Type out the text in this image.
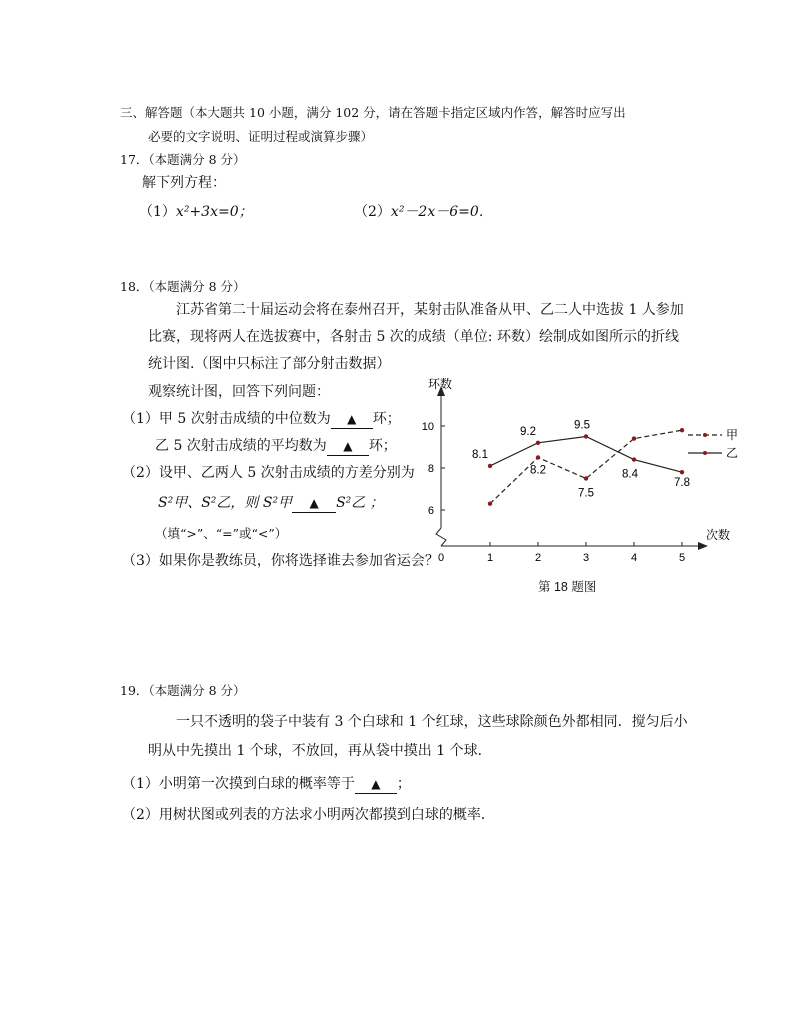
三、解答题（本大题共 10 小题，满分 102 分，请在答题卡指定区域内作答，解答时应写出
必要的文字说明、证明过程或演算步骤）
17．（本题满分 8 分）
解下列方程：
（1）x²+3x=0；	（2）x²－2x－6=0．
18．（本题满分 8 分）
江苏省第二十届运动会将在泰州召开，某射击队准备从甲、乙二人中选拔 1 人参加
比赛，现将两人在选拔赛中，各射击 5 次的成绩（单位: 环数）绘制成如图所示的折线
统计图.（图中只标注了部分射击数据）
观察统计图，回答下列问题：
（1）甲 5 次射击成绩的中位数为 ▲ 环；
乙 5 次射击成绩的平均数为 ▲ 环；
（2）设甲、乙两人 5 次射击成绩的方差分别为
S²甲、S²乙，则 S²甲 ▲ S²乙 ；
（填“>”、“=”或“<”）
（3）如果你是教练员，你将选择谁去参加省运会？
环数
次数
0	1	2	3	4	5
6
8
10
8.2
7.5
8.1
9.2
9.5
8.4
7.8
甲
乙
第 18 题图
19．（本题满分 8 分）
一只不透明的袋子中装有 3 个白球和 1 个红球，这些球除颜色外都相同．搅匀后小
明从中先摸出 1 个球，不放回，再从袋中摸出 1 个球．
（1）小明第一次摸到白球的概率等于 ▲ ；
（2）用树状图或列表的方法求小明两次都摸到白球的概率．
